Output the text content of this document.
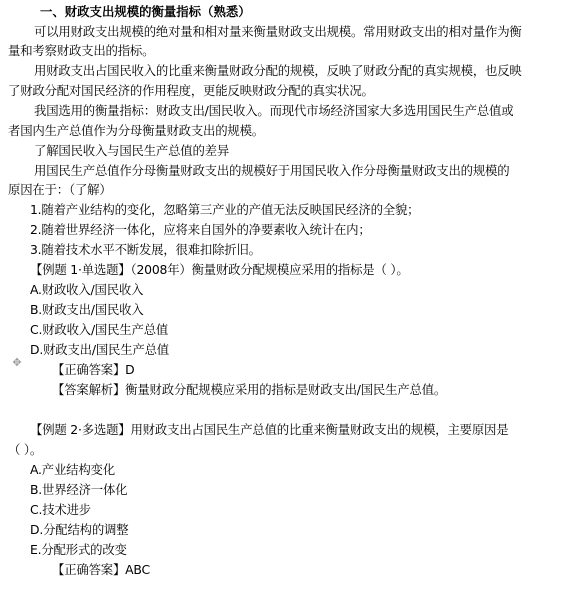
一、财政支出规模的衡量指标（熟悉）
可以用财政支出规模的绝对量和相对量来衡量财政支出规模。常用财政支出的相对量作为衡
量和考察财政支出的指标。
用财政支出占国民收入的比重来衡量财政分配的规模，反映了财政分配的真实规模，也反映
了财政分配对国民经济的作用程度，更能反映财政分配的真实状况。
我国选用的衡量指标：财政支出/国民收入。而现代市场经济国家大多选用国民生产总值或
者国内生产总值作为分母衡量财政支出的规模。
了解国民收入与国民生产总值的差异
用国民生产总值作分母衡量财政支出的规模好于用国民收入作分母衡量财政支出的规模的
原因在于：（了解）
1.随着产业结构的变化，忽略第三产业的产值无法反映国民经济的全貌；
2.随着世界经济一体化，应将来自国外的净要素收入统计在内；
3.随着技术水平不断发展，很难扣除折旧。
【例题 1·单选题】（2008年）衡量财政分配规模应采用的指标是（ ）。
A.财政收入/国民收入
B.财政支出/国民收入
C.财政收入/国民生产总值
D.财政支出/国民生产总值
✥ 【正确答案】D
【答案解析】衡量财政分配规模应采用的指标是财政支出/国民生产总值。
【例题 2·多选题】用财政支出占国民生产总值的比重来衡量财政支出的规模，主要原因是
（ ）。
A.产业结构变化
B.世界经济一体化
C.技术进步
D.分配结构的调整
E.分配形式的改变
【正确答案】ABC
